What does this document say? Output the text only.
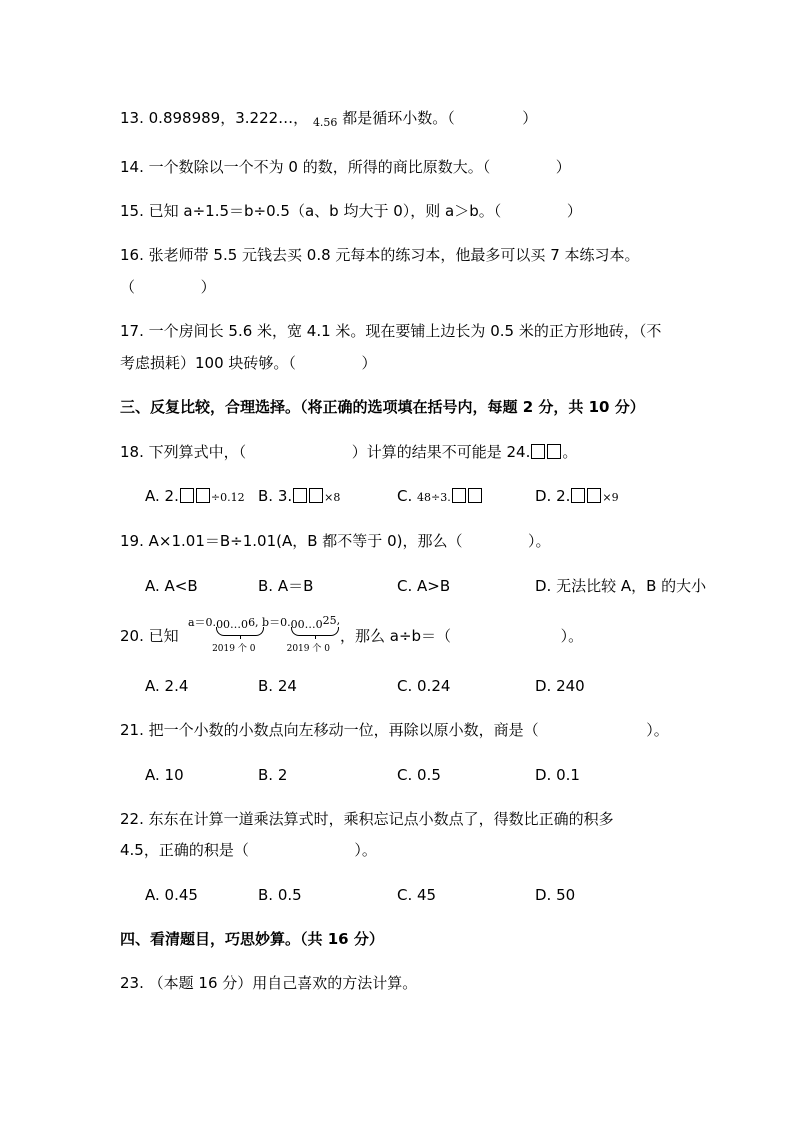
13. 0.898989，3.222…， $_{4.56}$ 都是循环小数。（	）
14. 一个数除以一个不为 0 的数，所得的商比原数大。（	）
15. 已知 a÷1.5＝b÷0.5（a、b 均大于 0），则 a＞b。（	）
16. 张老师带 5.5 元钱去买 0.8 元每本的练习本，他最多可以买 7 本练习本。
（	）
17. 一个房间长 5.6 米，宽 4.1 米。现在要铺上边长为 0.5 米的正方形地砖，（不
考虑损耗）100 块砖够。（	）
三、反复比较，合理选择。（将正确的选项填在括号内，每题 2 分，共 10 分）
18. 下列算式中，（	）计算的结果不可能是 24. 。
A. 2.	÷0.12 B. 3.	×8	C. 48÷3.	D. 2.	×9
19. A×1.01＝B÷1.01(A，B 都不等于 0)，那么（	）。
A. A<B	B. A＝B	C. A>B	D. 无法比较 A，B 的大小
20. 已知
$^{a=0.}$00…0
2019 个 0
$^{6, b=0.}$00…0
2019 个 0
$^{25,}$
，那么 a÷b＝（	）。
A. 2.4	B. 24	C. 0.24	D. 240
21. 把一个小数的小数点向左移动一位，再除以原小数，商是（	）。
A. 10	B. 2	C. 0.5	D. 0.1
22. 东东在计算一道乘法算式时，乘积忘记点小数点了，得数比正确的积多
4.5，正确的积是（	）。
A. 0.45	B. 0.5	C. 45	D. 50
四、看清题目，巧思妙算。（共 16 分）
23. （本题 16 分）用自己喜欢的方法计算。
